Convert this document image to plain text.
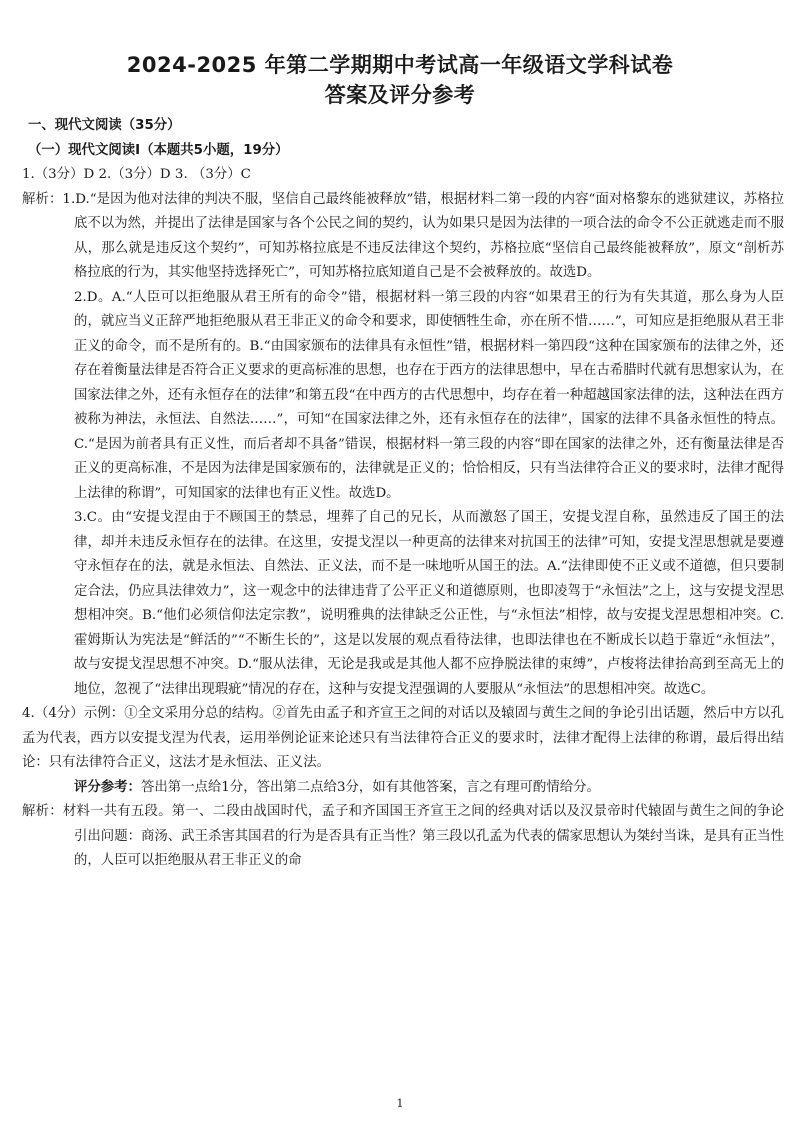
2024-2025 年第二学期期中考试高一年级语文学科试卷
答案及评分参考
一、现代文阅读（35分）
（一）现代文阅读Ⅰ（本题共5小题，19分）
1.（3分）D 2.（3分）D 3. （3分）C
解析：1.D.“是因为他对法律的判决不服，坚信自己最终能被释放”错，根据材料二第一段的内容“面对格黎东的逃狱建议，苏格拉底不以为然，并提出了法律是国家与各个公民之间的契约，认为如果只是因为法律的一项合法的命令不公正就逃走而不服从，那么就是违反这个契约”，可知苏格拉底是不违反法律这个契约，苏格拉底“坚信自己最终能被释放”，原文“剖析苏格拉底的行为，其实他坚持选择死亡”，可知苏格拉底知道自己是不会被释放的。故选D。
2.D。A.“人臣可以拒绝服从君王所有的命令”错，根据材料一第三段的内容“如果君王的行为有失其道，那么身为人臣的，就应当义正辞严地拒绝服从君王非正义的命令和要求，即使牺牲生命，亦在所不惜……”，可知应是拒绝服从君王非正义的命令，而不是所有的。B.“由国家颁布的法律具有永恒性”错，根据材料一第四段“这种在国家颁布的法律之外，还存在着衡量法律是否符合正义要求的更高标准的思想，也存在于西方的法律思想中，早在古希腊时代就有思想家认为，在国家法律之外，还有永恒存在的法律”和第五段“在中西方的古代思想中，均存在着一种超越国家法律的法，这种法在西方被称为神法，永恒法、自然法……”，可知“在国家法律之外，还有永恒存在的法律”，国家的法律不具备永恒性的特点。C.“是因为前者具有正义性，而后者却不具备”错误，根据材料一第三段的内容“即在国家的法律之外，还有衡量法律是否正义的更高标准，不是因为法律是国家颁布的，法律就是正义的；恰恰相反，只有当法律符合正义的要求时，法律才配得上法律的称谓”，可知国家的法律也有正义性。故选D。
3.C。由“安提戈涅由于不顾国王的禁忌，埋葬了自己的兄长，从而激怒了国王，安提戈涅自称，虽然违反了国王的法律，却并未违反永恒存在的法律。在这里，安提戈涅以一种更高的法律来对抗国王的法律”可知，安提戈涅思想就是要遵守永恒存在的法，就是永恒法、自然法、正义法，而不是一味地听从国王的法。A.“法律即使不正义或不道德，但只要制定合法，仍应具法律效力”，这一观念中的法律违背了公平正义和道德原则，也即凌驾于“永恒法”之上，这与安提戈涅思想相冲突。B.“他们必须信仰法定宗教”，说明雅典的法律缺乏公正性，与“永恒法”相悖，故与安提戈涅思想相冲突。C. 霍姆斯认为宪法是“鲜活的”“不断生长的”，这是以发展的观点看待法律，也即法律也在不断成长以趋于靠近“永恒法”，故与安提戈涅思想不冲突。D.“服从法律，无论是我或是其他人都不应挣脱法律的束缚”，卢梭将法律抬高到至高无上的地位，忽视了“法律出现瑕疵”情况的存在，这种与安提戈涅强调的人要服从“永恒法”的思想相冲突。故选C。
4.（4分）示例：①全文采用分总的结构。②首先由孟子和齐宣王之间的对话以及辕固与黄生之间的争论引出话题，然后中方以孔孟为代表，西方以安提戈涅为代表，运用举例论证来论述只有当法律符合正义的要求时，法律才配得上法律的称谓，最后得出结论：只有法律符合正义，这法才是永恒法、正义法。
评分参考：答出第一点给1分，答出第二点给3分，如有其他答案，言之有理可酌情给分。
解析：材料一共有五段。第一、二段由战国时代，孟子和齐国国王齐宣王之间的经典对话以及汉景帝时代辕固与黄生之间的争论引出问题：商汤、武王杀害其国君的行为是否具有正当性？第三段以孔孟为代表的儒家思想认为桀纣当诛，是具有正当性的，人臣可以拒绝服从君王非正义的命
1
